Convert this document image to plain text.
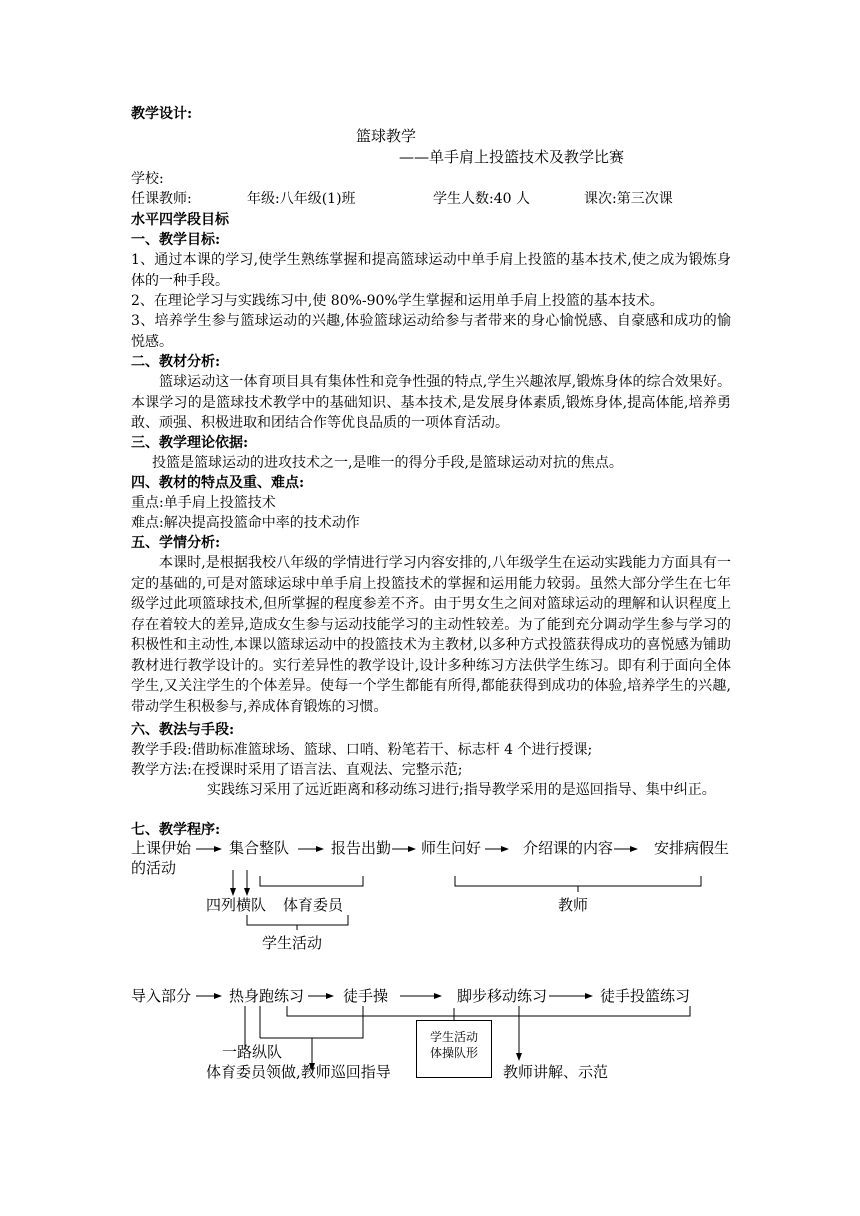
教学设计:
篮球教学
——单手肩上投篮技术及教学比赛
学校:
任课教师:	年级:八年级(1)班	学生人数:40 人	课次:第三次课
水平四学段目标
一、教学目标:
1、通过本课的学习,使学生熟练掌握和提高篮球运动中单手肩上投篮的基本技术,使之成为锻炼身体的一种手段。
2、在理论学习与实践练习中,使 80%-90%学生掌握和运用单手肩上投篮的基本技术。
3、培养学生参与篮球运动的兴趣,体验篮球运动给参与者带来的身心愉悦感、自豪感和成功的愉悦感。
二、教材分析:
篮球运动这一体育项目具有集体性和竞争性强的特点,学生兴趣浓厚,锻炼身体的综合效果好。本课学习的是篮球技术教学中的基础知识、基本技术,是发展身体素质,锻炼身体,提高体能,培养勇敢、顽强、积极进取和团结合作等优良品质的一项体育活动。
三、教学理论依据:
投篮是篮球运动的进攻技术之一,是唯一的得分手段,是篮球运动对抗的焦点。
四、教材的特点及重、难点:
重点:单手肩上投篮技术
难点:解决提高投篮命中率的技术动作
五、学情分析:
本课时,是根据我校八年级的学情进行学习内容安排的,八年级学生在运动实践能力方面具有一定的基础的,可是对篮球运球中单手肩上投篮技术的掌握和运用能力较弱。虽然大部分学生在七年级学过此项篮球技术,但所掌握的程度参差不齐。由于男女生之间对篮球运动的理解和认识程度上存在着较大的差异,造成女生参与运动技能学习的主动性较差。为了能到充分调动学生参与学习的积极性和主动性,本课以篮球运动中的投篮技术为主教材,以多种方式投篮获得成功的喜悦感为铺助教材进行教学设计的。实行差异性的教学设计,设计多种练习方法供学生练习。即有利于面向全体学生,又关注学生的个体差异。使每一个学生都能有所得,都能获得到成功的体验,培养学生的兴趣,带动学生积极参与,养成体育锻炼的习惯。
六、教法与手段:
教学手段:借助标准篮球场、篮球、口哨、粉笔若干、标志杆 4 个进行授课;
教学方法:在授课时采用了语言法、直观法、完整示范;
实践练习采用了远近距离和移动练习进行;指导教学采用的是巡回指导、集中纠正。
七、教学程序:
上课伊始
的活动
集合整队	报告出勤 师生问好	介绍课的内容	安排病假生
四列横队 体育委员	教师
学生活动
导入部分	热身跑练习	徒手操	脚步移动练习	徒手投篮练习
一路纵队
体育委员领做,教师巡回指导
学生活动
体操队形
教师讲解、示范
